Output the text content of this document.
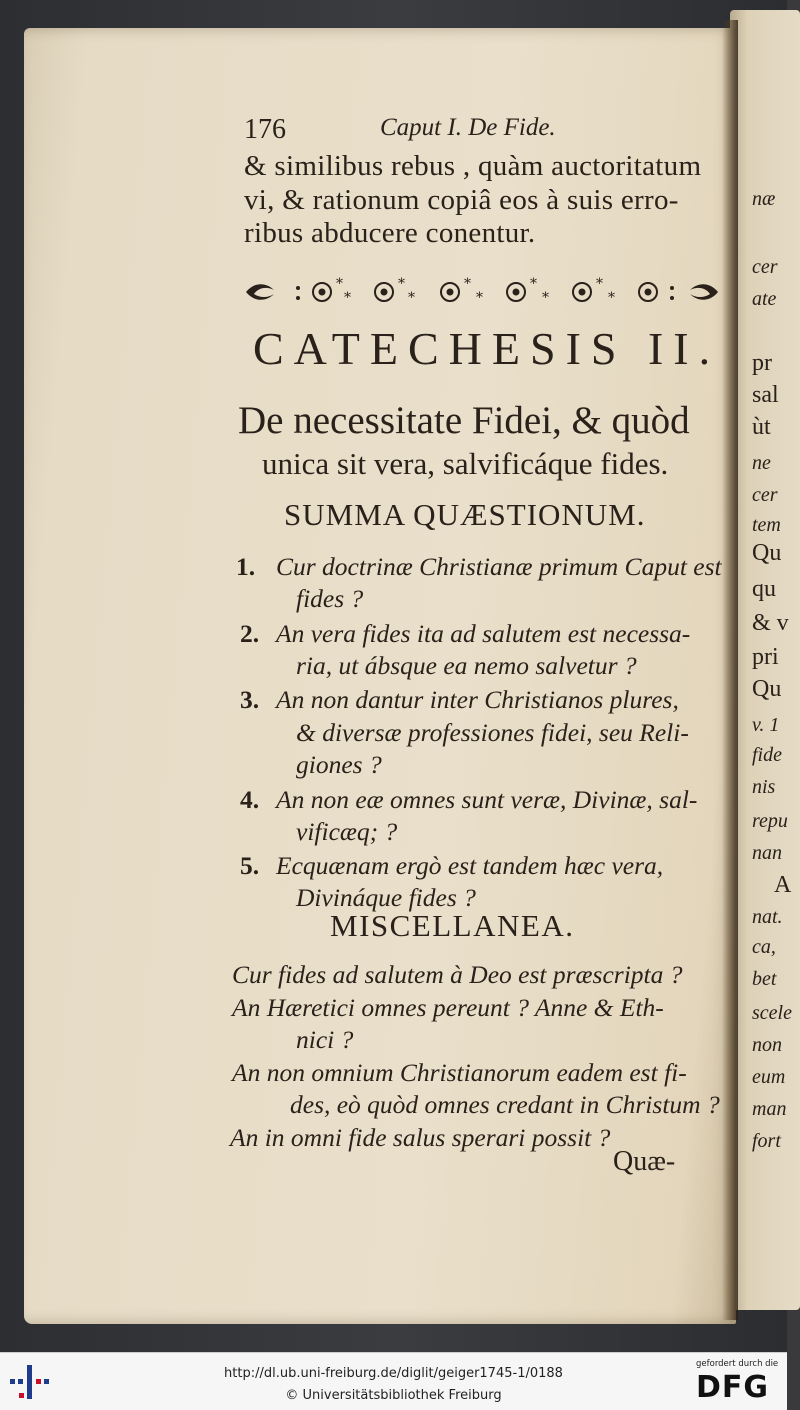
176	Caput I. De Fide.
& similibus rebus , quàm auctoritatum
vi, & rationum copiâ eos à suis erro-
ribus abducere conentur.
*
*
*
*
*
*
*
*
*
*
CATECHESIS II.
De necessitate Fidei, & quòd
unica sit vera, salvificáque fides.
SUMMA QUÆSTIONUM.
1. Cur doctrinæ Christianæ primum Caput est
fides ?
2. An vera fides ita ad salutem est necessa-
ria, ut ábsque ea nemo salvetur ?
3. An non dantur inter Christianos plures,
& diversæ professiones fidei, seu Reli-
giones ?
4. An non eæ omnes sunt veræ, Divinæ, sal-
vificæq; ?
5. Ecquænam ergò est tandem hæc vera,
Divináque fides ?
MISCELLANEA.
Cur fides ad salutem à Deo est præscripta ?
An Hæretici omnes pereunt ? Anne & Eth-
nici ?
An non omnium Christianorum eadem est fi-
des, eò quòd omnes credant in Christum ?
An in omni fide salus sperari possit ?
Quæ-
næ
cer
ate
pr
sal
ùt
ne
cer
tem
Qu
qu
& v
pri
Qu
v. 1
fide
nis
repu
nan
A
nat.
ca,
bet
scele
non
eum
man
fort
http://dl.ub.uni-freiburg.de/diglit/geiger1745-1/0188
© Universitätsbibliothek Freiburg
gefordert durch die
DFG
